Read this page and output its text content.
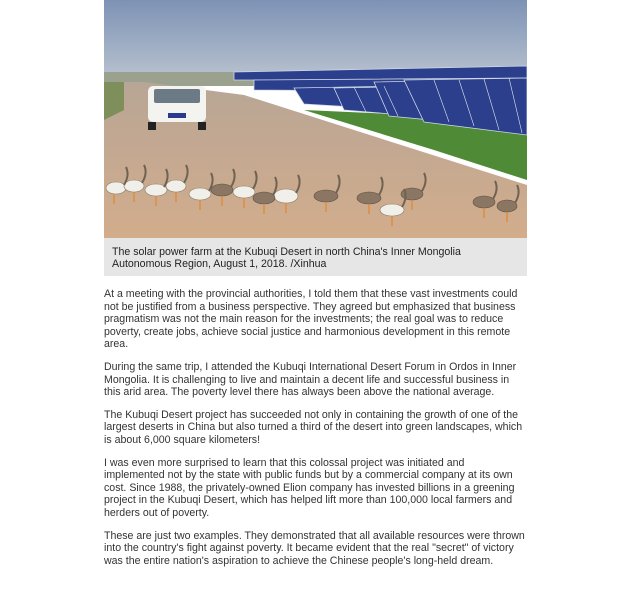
The solar power farm at the Kubuqi Desert in north China's Inner Mongolia Autonomous Region, August 1, 2018. /Xinhua

At a meeting with the provincial authorities, I told them that these vast investments could not be justified from a business perspective. They agreed but emphasized that business pragmatism was not the main reason for the investments; the real goal was to reduce poverty, create jobs, achieve social justice and harmonious development in this remote area.

During the same trip, I attended the Kubuqi International Desert Forum in Ordos in Inner Mongolia. It is challenging to live and maintain a decent life and successful business in this arid area. The poverty level there has always been above the national average.

The Kubuqi Desert project has succeeded not only in containing the growth of one of the largest deserts in China but also turned a third of the desert into green landscapes, which is about 6,000 square kilometers!

I was even more surprised to learn that this colossal project was initiated and implemented not by the state with public funds but by a commercial company at its own cost. Since 1988, the privately-owned Elion company has invested billions in a greening project in the Kubuqi Desert, which has helped lift more than 100,000 local farmers and herders out of poverty.

These are just two examples. They demonstrated that all available resources were thrown into the country's fight against poverty. It became evident that the real "secret" of victory was the entire nation's aspiration to achieve the Chinese people's long-held dream.
